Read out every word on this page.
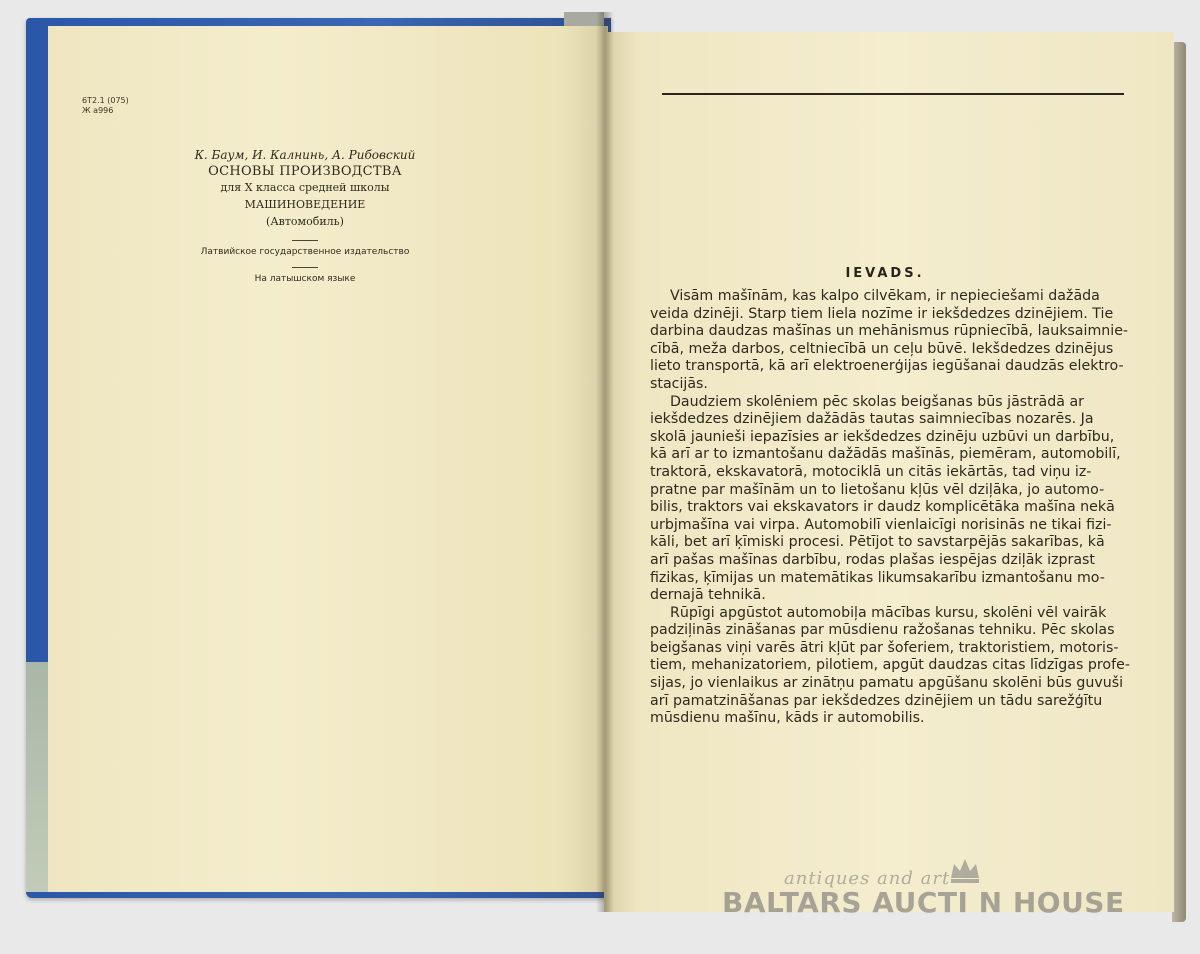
6T2.1 (075)
Ж а996
К. Баум, И. Калнинь, А. Рибовский
ОСНОВЫ ПРОИЗВОДСТВА
для X класса средней школы
МАШИНОВЕДЕНИЕ
(Автомобиль)
Латвийское государственное издательство
На латышском языке	IEVADS.
Visām mašīnām, kas kalpo cilvēkam, ir nepieciešami dažāda
veida dzinēji. Starp tiem liela nozīme ir iekšdedzes dzinējiem. Tie
darbina daudzas mašīnas un mehānismus rūpniecībā, lauksaimnie-
cībā, meža darbos, celtniecībā un ceļu būvē. Iekšdedzes dzinējus
lieto transportā, kā arī elektroenerģijas iegūšanai daudzās elektro-
stacijās.
Daudziem skolēniem pēc skolas beigšanas būs jāstrādā ar
iekšdedzes dzinējiem dažādās tautas saimniecības nozarēs. Ja
skolā jaunieši iepazīsies ar iekšdedzes dzinēju uzbūvi un darbību,
kā arī ar to izmantošanu dažādās mašīnās, piemēram, automobilī,
traktorā, ekskavatorā, motociklā un citās iekārtās, tad viņu iz-
pratne par mašīnām un to lietošanu kļūs vēl dziļāka, jo automo-
bilis, traktors vai ekskavators ir daudz komplicētāka mašīna nekā
urbjmašīna vai virpa. Automobilī vienlaicīgi norisinās ne tikai fizi-
kāli, bet arī ķīmiski procesi. Pētījot to savstarpējās sakarības, kā
arī pašas mašīnas darbību, rodas plašas iespējas dziļāk izprast
fizikas, ķīmijas un matemātikas likumsakarību izmantošanu mo-
dernajā tehnikā.
Rūpīgi apgūstot automobiļa mācības kursu, skolēni vēl vairāk
padziļinās zināšanas par mūsdienu ražošanas tehniku. Pēc skolas
beigšanas viņi varēs ātri kļūt par šoferiem, traktoristiem, motoris-
tiem, mehanizatoriem, pilotiem, apgūt daudzas citas līdzīgas profe-
sijas, jo vienlaikus ar zinātņu pamatu apgūšanu skolēni būs guvuši
arī pamatzināšanas par iekšdedzes dzinējiem un tādu sarežģītu
mūsdienu mašīnu, kāds ir automobilis.
antiques and art
BALTARS AUCTI N HOUSE
